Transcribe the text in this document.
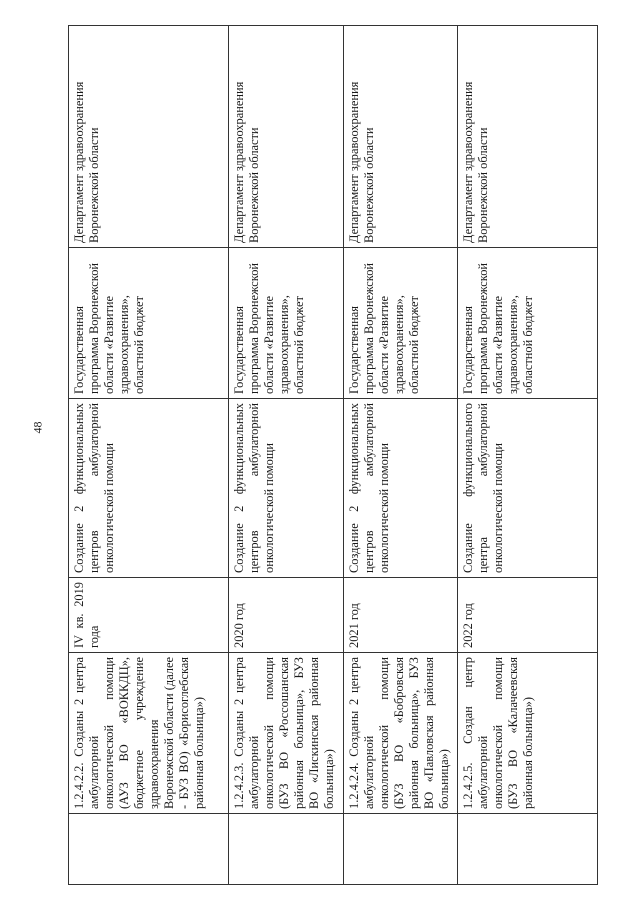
48
	1.2.4.2.2. Созданы 2 центра амбулаторной онкологической помощи (АУЗ ВО «ВОККДЦ», бюджетное учреждение здравоохранения Воронежской области (далее - БУЗ ВО) «Борисоглебская районная больница»)	IV кв. 2019 года	Создание 2 функциональных центров амбулаторной онкологической помощи	Государственная программа Воронежской области «Развитие здравоохранения», областной бюджет	Департамент здравоохранения Воронежской области
	1.2.4.2.3. Созданы 2 центра амбулаторной онкологической помощи (БУЗ ВО «Россошанская районная больница», БУЗ ВО «Лискинская районная больница»)	2020 год	Создание 2 функциональных центров амбулаторной онкологической помощи	Государственная программа Воронежской области «Развитие здравоохранения», областной бюджет	Департамент здравоохранения Воронежской области
	1.2.4.2.4. Созданы 2 центра амбулаторной онкологической помощи (БУЗ ВО «Бобровская районная больница», БУЗ ВО «Павловская районная больница»)	2021 год	Создание 2 функциональных центров амбулаторной онкологической помощи	Государственная программа Воронежской области «Развитие здравоохранения», областной бюджет	Департамент здравоохранения Воронежской области
	1.2.4.2.5. Создан центр амбулаторной онкологической помощи (БУЗ ВО «Калачеевская районная больница»)	2022 год	Создание функционального центра амбулаторной онкологической помощи	Государственная программа Воронежской области «Развитие здравоохранения», областной бюджет	Департамент здравоохранения Воронежской области
